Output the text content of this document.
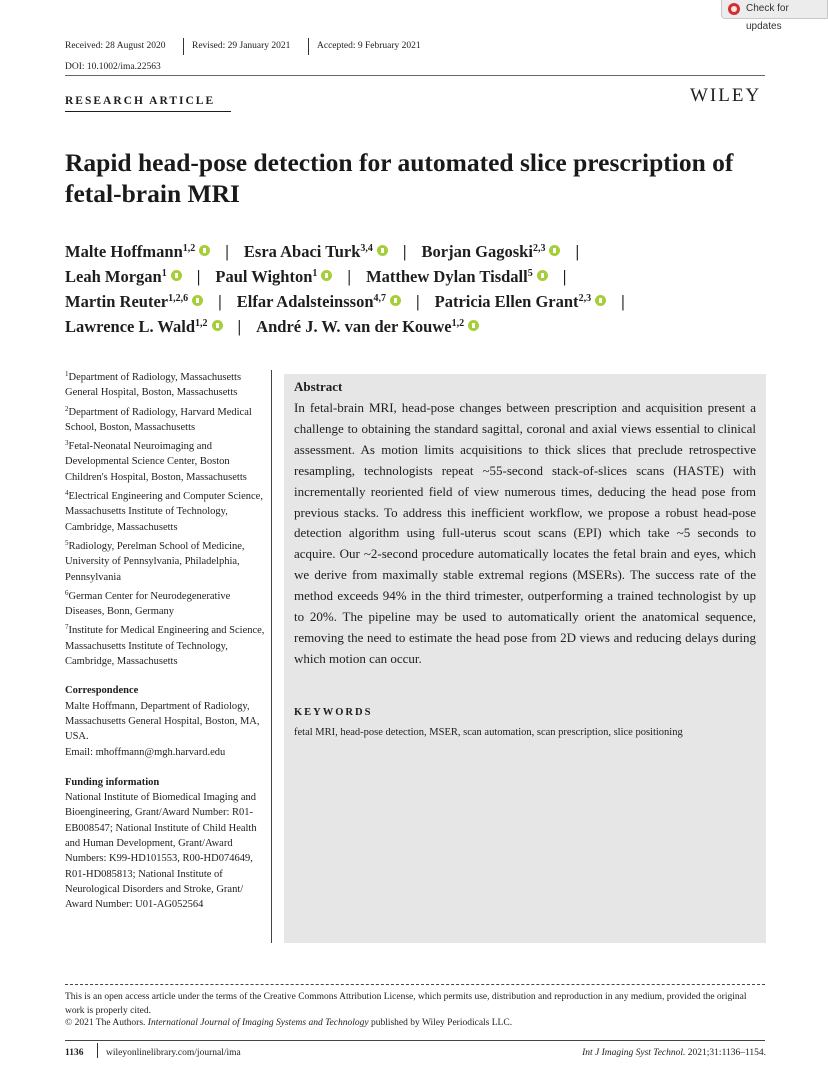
Check for updates
Received: 28 August 2020	Revised: 29 January 2021	Accepted: 9 February 2021
DOI: 10.1002/ima.22563
RESEARCH ARTICLE	WILEY
Rapid head-pose detection for automated slice prescription of fetal-brain MRI
Malte Hoffmann$^{1,2}$ | Esra Abaci Turk$^{3,4}$ | Borjan Gagoski$^{2,3}$ |
Leah Morgan$^1$ | Paul Wighton$^1$ | Matthew Dylan Tisdall$^5$ |
Martin Reuter$^{1,2,6}$ | Elfar Adalsteinsson$^{4,7}$ | Patricia Ellen Grant$^{2,3}$ |
Lawrence L. Wald$^{1,2}$ | André J. W. van der Kouwe$^{1,2}$
$^1$Department of Radiology, Massachusetts General Hospital, Boston, Massachusetts
$^2$Department of Radiology, Harvard Medical School, Boston, Massachusetts
$^3$Fetal-Neonatal Neuroimaging and Developmental Science Center, Boston Children's Hospital, Boston, Massachusetts
$^4$Electrical Engineering and Computer Science, Massachusetts Institute of Technology, Cambridge, Massachusetts
$^5$Radiology, Perelman School of Medicine, University of Pennsylvania, Philadelphia, Pennsylvania
$^6$German Center for Neurodegenerative Diseases, Bonn, Germany
$^7$Institute for Medical Engineering and Science, Massachusetts Institute of Technology, Cambridge, Massachusetts
Correspondence
Malte Hoffmann, Department of Radiology, Massachusetts General Hospital, Boston, MA, USA.
Email: mhoffmann@mgh.harvard.edu
Funding information
National Institute of Biomedical Imaging and Bioengineering, Grant/Award Number: R01-EB008547; National Institute of Child Health and Human Development, Grant/Award Numbers: K99-HD101553, R00-HD074649, R01-HD085813; National Institute of Neurological Disorders and Stroke, Grant/ Award Number: U01-AG052564
Abstract
In fetal-brain MRI, head-pose changes between prescription and acquisition present a challenge to obtaining the standard sagittal, coronal and axial views essential to clinical assessment. As motion limits acquisitions to thick slices that preclude retrospective resampling, technologists repeat ~55-second stack-of-slices scans (HASTE) with incrementally reoriented field of view numerous times, deducing the head pose from previous stacks. To address this inefficient workflow, we propose a robust head-pose detection algorithm using full-uterus scout scans (EPI) which take ~5 seconds to acquire. Our ~2-second procedure automatically locates the fetal brain and eyes, which we derive from maximally stable extremal regions (MSERs). The success rate of the method exceeds 94% in the third trimester, outperforming a trained technologist by up to 20%. The pipeline may be used to automatically orient the anatomical sequence, removing the need to estimate the head pose from 2D views and reducing delays during which motion can occur.
KEYWORDS
fetal MRI, head-pose detection, MSER, scan automation, scan prescription, slice positioning
This is an open access article under the terms of the Creative Commons Attribution License, which permits use, distribution and reproduction in any medium, provided the original work is properly cited.
© 2021 The Authors. International Journal of Imaging Systems and Technology published by Wiley Periodicals LLC.
1136 wileyonlinelibrary.com/journal/ima	Int J Imaging Syst Technol. 2021;31:1136–1154.
